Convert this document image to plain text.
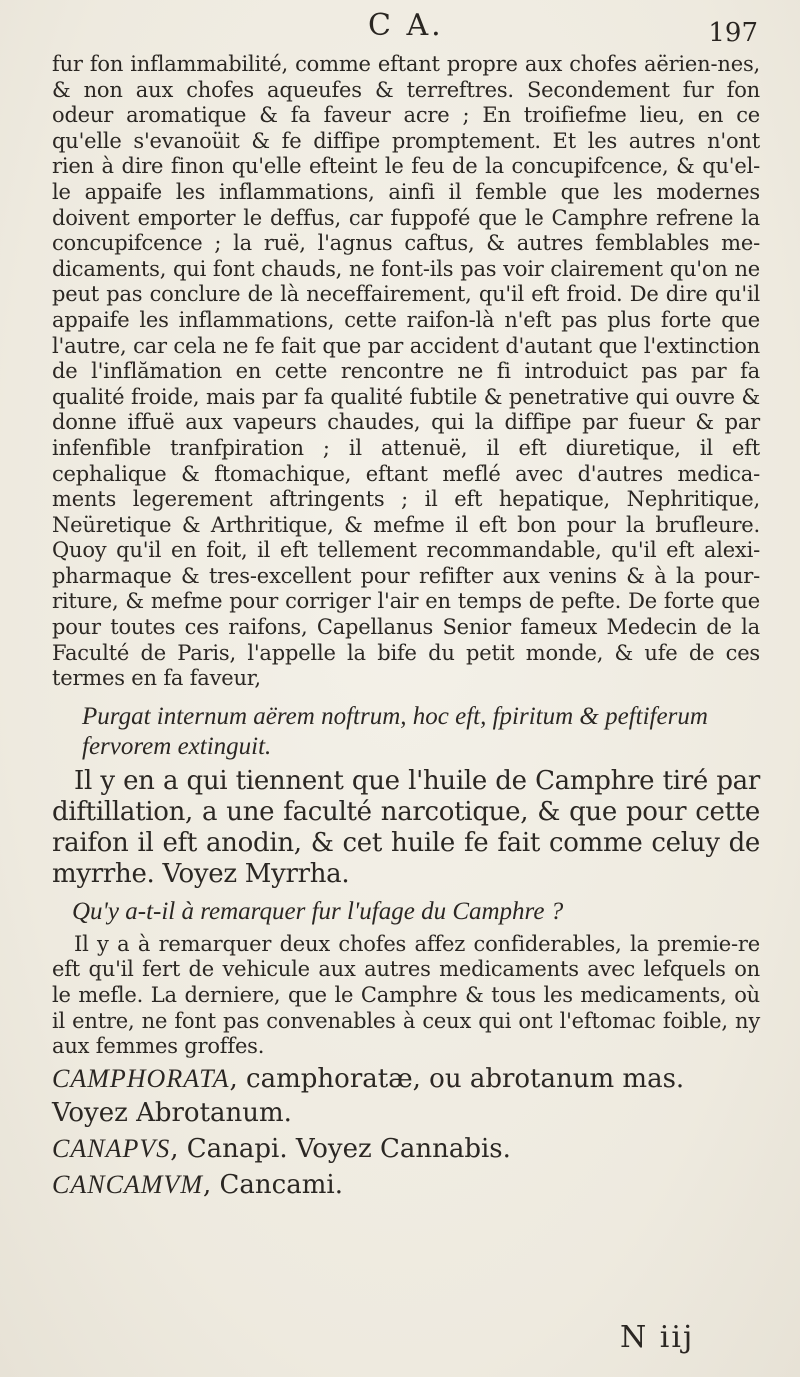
C A.	197

fur fon inflammabilité, comme eftant propre aux chofes aërien-nes, & non aux chofes aqueufes & terreftres. Secondement fur fon odeur aromatique & fa faveur acre ; En troifiefme lieu, en ce qu'elle s'evanoüit & fe diffipe promptement. Et les autres n'ont rien à dire finon qu'elle efteint le feu de la concupifcence, & qu'el-le appaife les inflammations, ainfi il femble que les modernes doivent emporter le deffus, car fuppofé que le Camphre refrene la concupifcence ; la ruë, l'agnus caftus, & autres femblables me-dicaments, qui font chauds, ne font-ils pas voir clairement qu'on ne peut pas conclure de là neceffairement, qu'il eft froid. De dire qu'il appaife les inflammations, cette raifon-là n'eft pas plus forte que l'autre, car cela ne fe fait que par accident d'autant que l'extinction de l'inflămation en cette rencontre ne fi introduict pas par fa qualité froide, mais par fa qualité fubtile & penetrative qui ouvre & donne iffuë aux vapeurs chaudes, qui la diffipe par fueur & par infenfible tranfpiration ; il attenuë, il eft diuretique, il eft cephalique & ftomachique, eftant meflé avec d'autres medica-ments legerement aftringents ; il eft hepatique, Nephritique, Neüretique & Arthritique, & mefme il eft bon pour la brufleure. Quoy qu'il en foit, il eft tellement recommandable, qu'il eft alexi-pharmaque & tres-excellent pour refifter aux venins & à la pour-riture, & mefme pour corriger l'air en temps de pefte. De forte que pour toutes ces raifons, Capellanus Senior fameux Medecin de la Faculté de Paris, l'appelle la bife du petit monde, & ufe de ces termes en fa faveur,

Purgat internum aërem noftrum, hoc eft, fpiritum & peftiferum fervorem extinguit.

Il y en a qui tiennent que l'huile de Camphre tiré par diftillation, a une faculté narcotique, & que pour cette raifon il eft anodin, & cet huile fe fait comme celuy de myrrhe. Voyez Myrrha.

Qu'y a-t-il à remarquer fur l'ufage du Camphre ?

Il y a à remarquer deux chofes affez confiderables, la premie-re eft qu'il fert de vehicule aux autres medicaments avec lefquels on le mefle. La derniere, que le Camphre & tous les medicaments, où il entre, ne font pas convenables à ceux qui ont l'eftomac foible, ny aux femmes groffes.

CAMPHORATA, camphoratæ, ou abrotanum mas. Voyez Abrotanum.
CANAPVS, Canapi. Voyez Cannabis.
CANCAMVM, Cancami.
N iij
